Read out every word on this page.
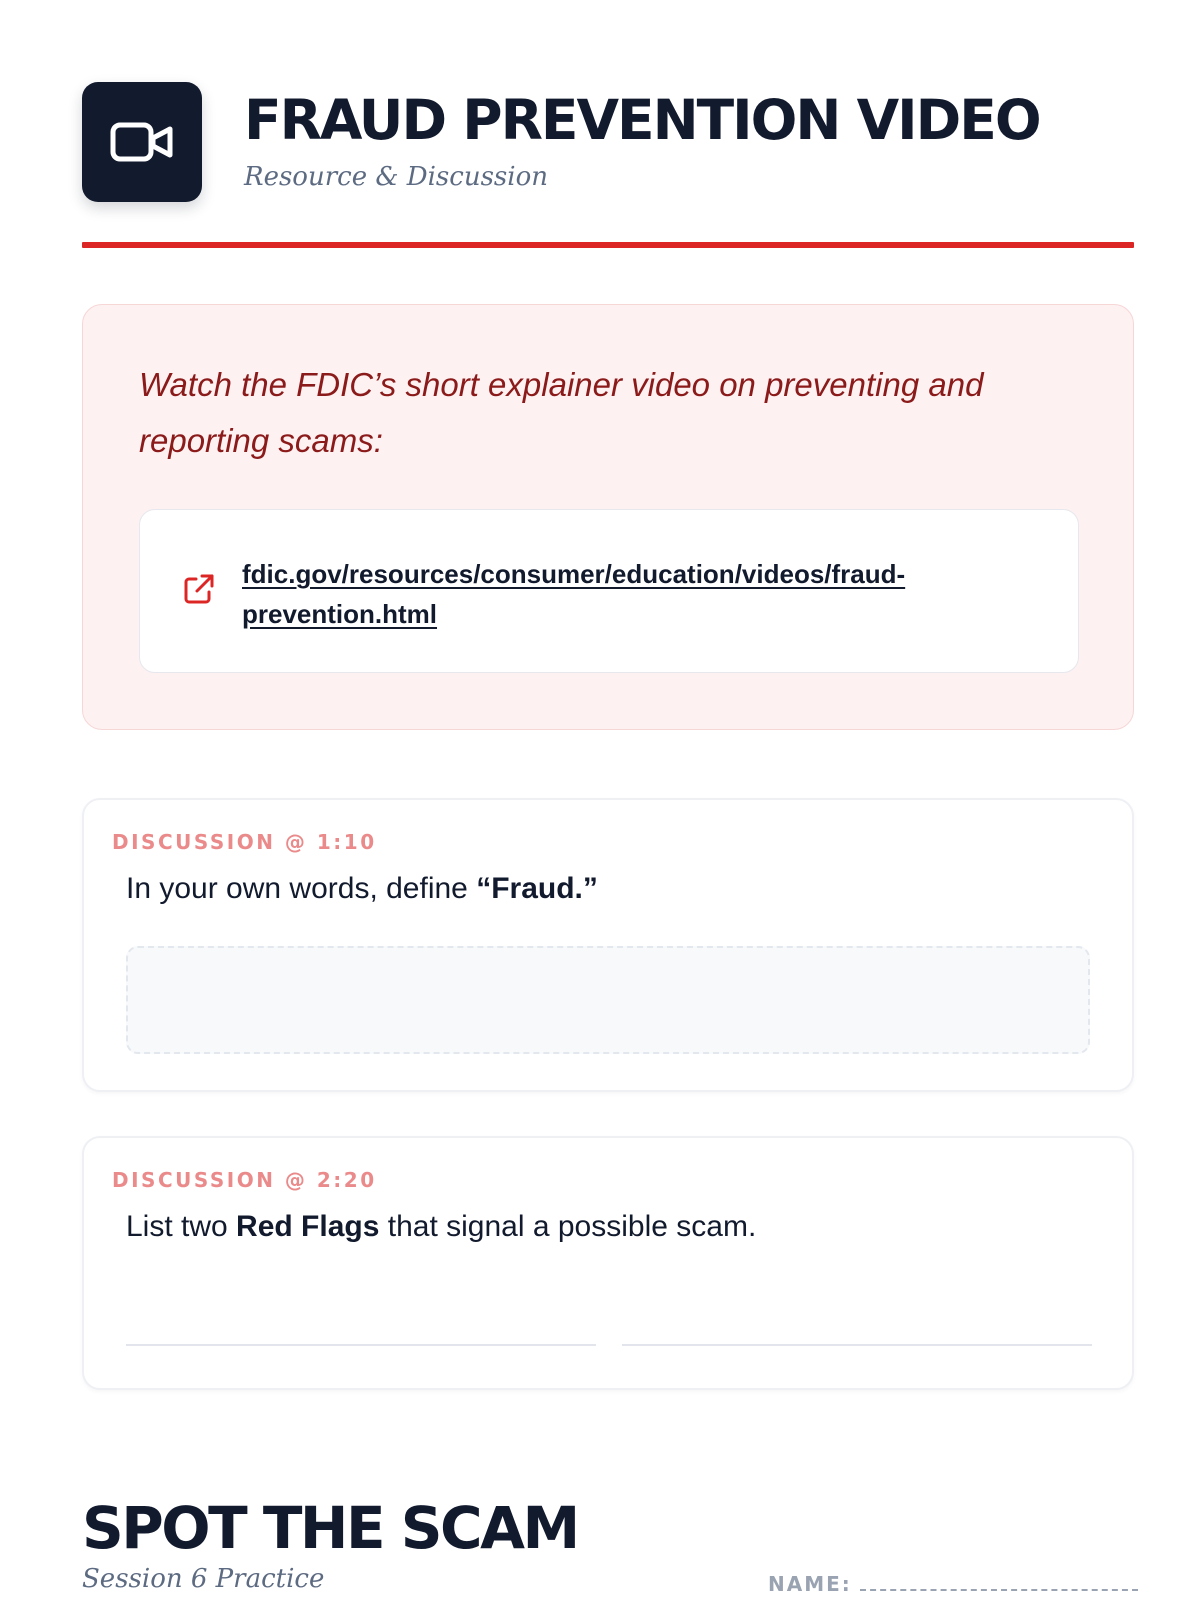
FRAUD PREVENTION VIDEO
Resource & Discussion
Watch the FDIC’s short explainer video on preventing and reporting scams:
fdic.gov/resources/consumer/education/videos/fraud-prevention.html
DISCUSSION @ 1:10
In your own words, define “Fraud.”
DISCUSSION @ 2:20
List two Red Flags that signal a possible scam.
SPOT THE SCAM
Session 6 Practice	NAME:
